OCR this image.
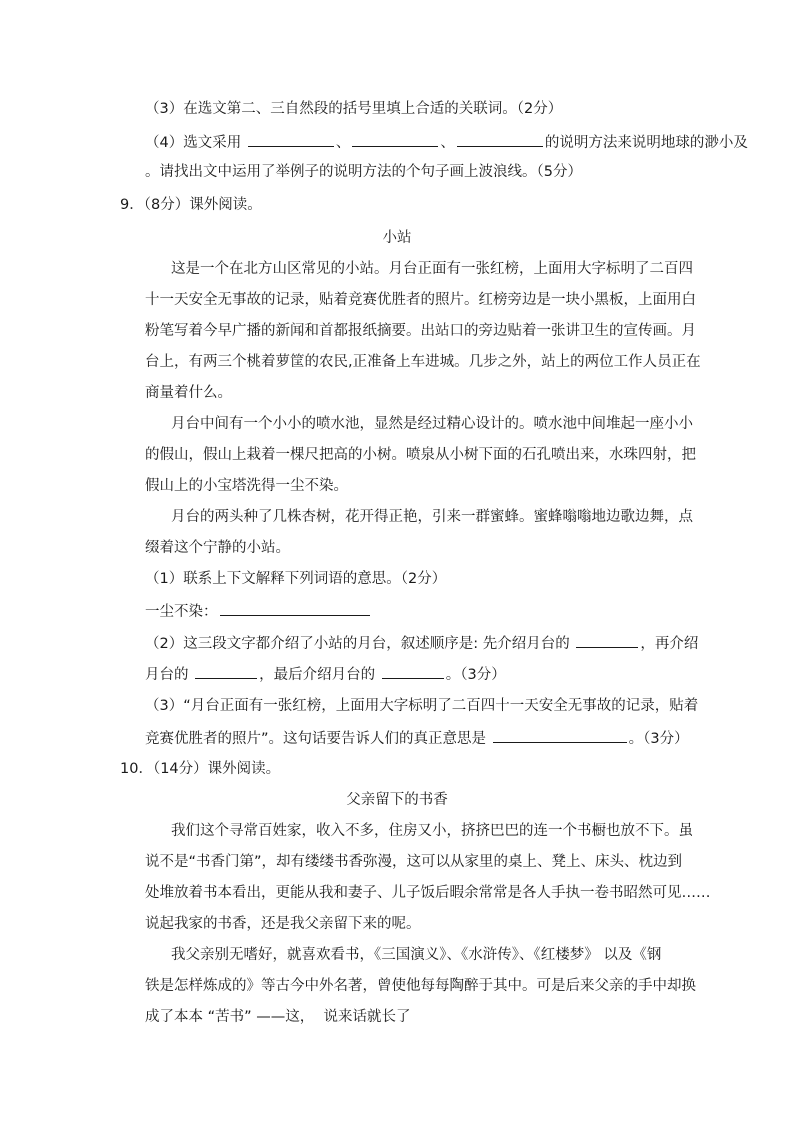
（3）在选文第二、三自然段的括号里填上合适的关联词。（2分）
（4）选文采用	、	、	的说明方法来说明地球的渺小及
。请找出文中运用了举例子的说明方法的个句子画上波浪线。（5分）
9．（8分）课外阅读。
小站
这是一个在北方山区常见的小站。月台正面有一张红榜，上面用大字标明了二百四
十一天安全无事故的记录，贴着竞赛优胜者的照片。红榜旁边是一块小黑板，上面用白
粉笔写着今早广播的新闻和首都报纸摘要。出站口的旁边贴着一张讲卫生的宣传画。月
台上，有两三个桃着萝筐的农民,正准备上车进城。几步之外，站上的两位工作人员正在
商量着什么。
月台中间有一个小小的喷水池，显然是经过精心设计的。喷水池中间堆起一座小小
的假山，假山上栽着一棵尺把高的小树。喷泉从小树下面的石孔喷出来，水珠四射，把
假山上的小宝塔洗得一尘不染。
月台的两头种了几株杏树，花开得正艳，引来一群蜜蜂。蜜蜂嗡嗡地边歌边舞，点
缀着这个宁静的小站。
（1）联系上下文解释下列词语的意思。（2分）
一尘不染：
（2）这三段文字都介绍了小站的月台，叙述顺序是: 先介绍月台的	，再介绍
月台的	，最后介绍月台的	。（3分）
（3）“月台正面有一张红榜，上面用大字标明了二百四十一天安全无事故的记录，贴着
竞赛优胜者的照片”。这句话要告诉人们的真正意思是	。（3分）
10．（14分）课外阅读。
父亲留下的书香
我们这个寻常百姓家，收入不多，住房又小，挤挤巴巴的连一个书橱也放不下。虽
说不是“书香门第”，却有缕缕书香弥漫，这可以从家里的桌上、凳上、床头、枕边到
处堆放着书本看出，更能从我和妻子、儿子饭后暇余常常是各人手执一卷书昭然可见……
说起我家的书香，还是我父亲留下来的呢。
我父亲别无嗜好，就喜欢看书，《三国演义》、《水浒传》、《红楼梦》 以及《钢
铁是怎样炼成的》等古今中外名著，曾使他每每陶醉于其中。可是后来父亲的手中却换
成了本本 “苦书” ——这，  说来话就长了
